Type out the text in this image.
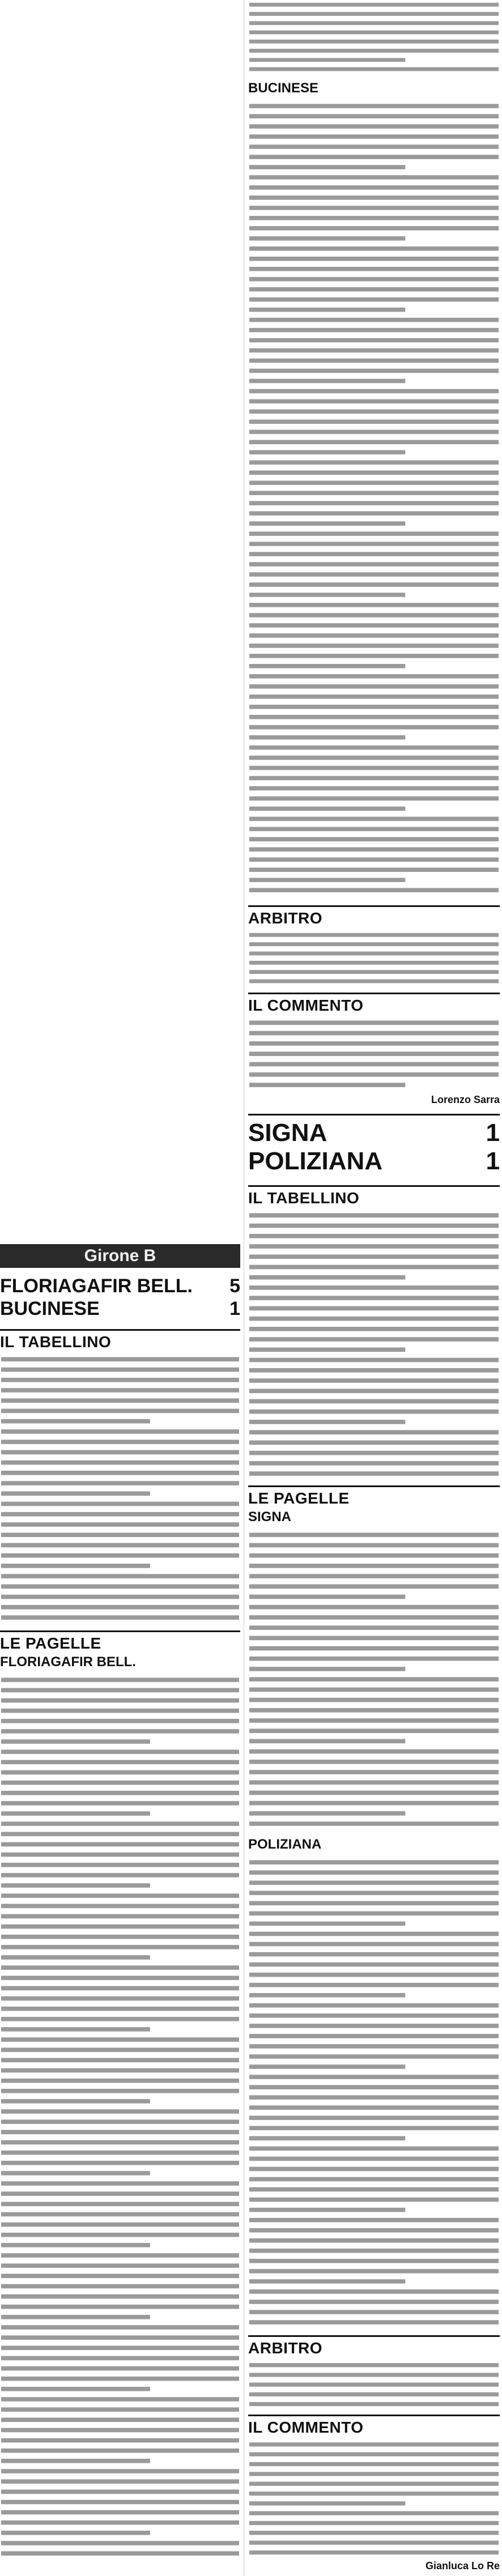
BUCINESE
ARBITRO
IL COMMENTO
Lorenzo Sarra
SIGNA	1
POLIZIANA	1
IL TABELLINO
LE PAGELLE
SIGNA
POLIZIANA
ARBITRO
IL COMMENTO
Gianluca Lo Re
Girone B
FLORIAGAFIR BELL. 5
BUCINESE	1
IL TABELLINO
LE PAGELLE
FLORIAGAFIR BELL.
